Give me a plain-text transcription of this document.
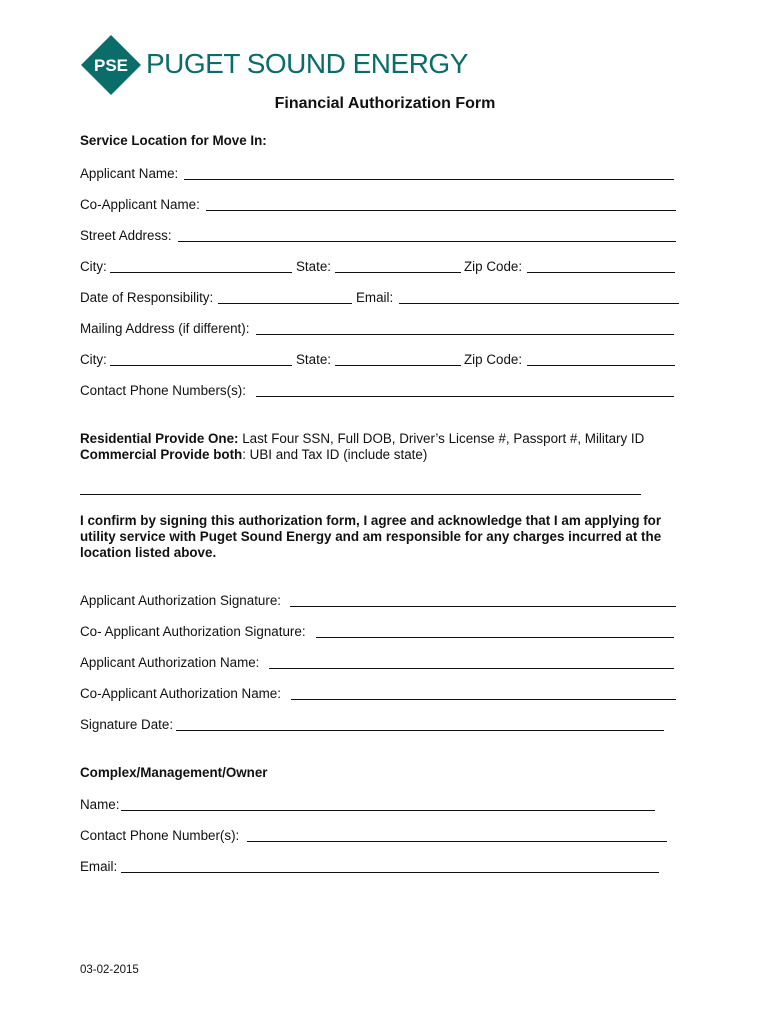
PSE PUGET SOUND ENERGY
Financial Authorization Form
Service Location for Move In:
Applicant Name:
Co-Applicant Name:
Street Address:
City:	State:	Zip Code:
Date of Responsibility:	Email:
Mailing Address (if different):
City:	State:	Zip Code:
Contact Phone Numbers(s):
Residential Provide One: Last Four SSN, Full DOB, Driver’s License #, Passport #, Military ID
Commercial Provide both: UBI and Tax ID (include state)
I confirm by signing this authorization form, I agree and acknowledge that I am applying for utility service with Puget Sound Energy and am responsible for any charges incurred at the location listed above.
Applicant Authorization Signature:
Co- Applicant Authorization Signature:
Applicant Authorization Name:
Co-Applicant Authorization Name:
Signature Date:
Complex/Management/Owner
Name:
Contact Phone Number(s):
Email:
03-02-2015
